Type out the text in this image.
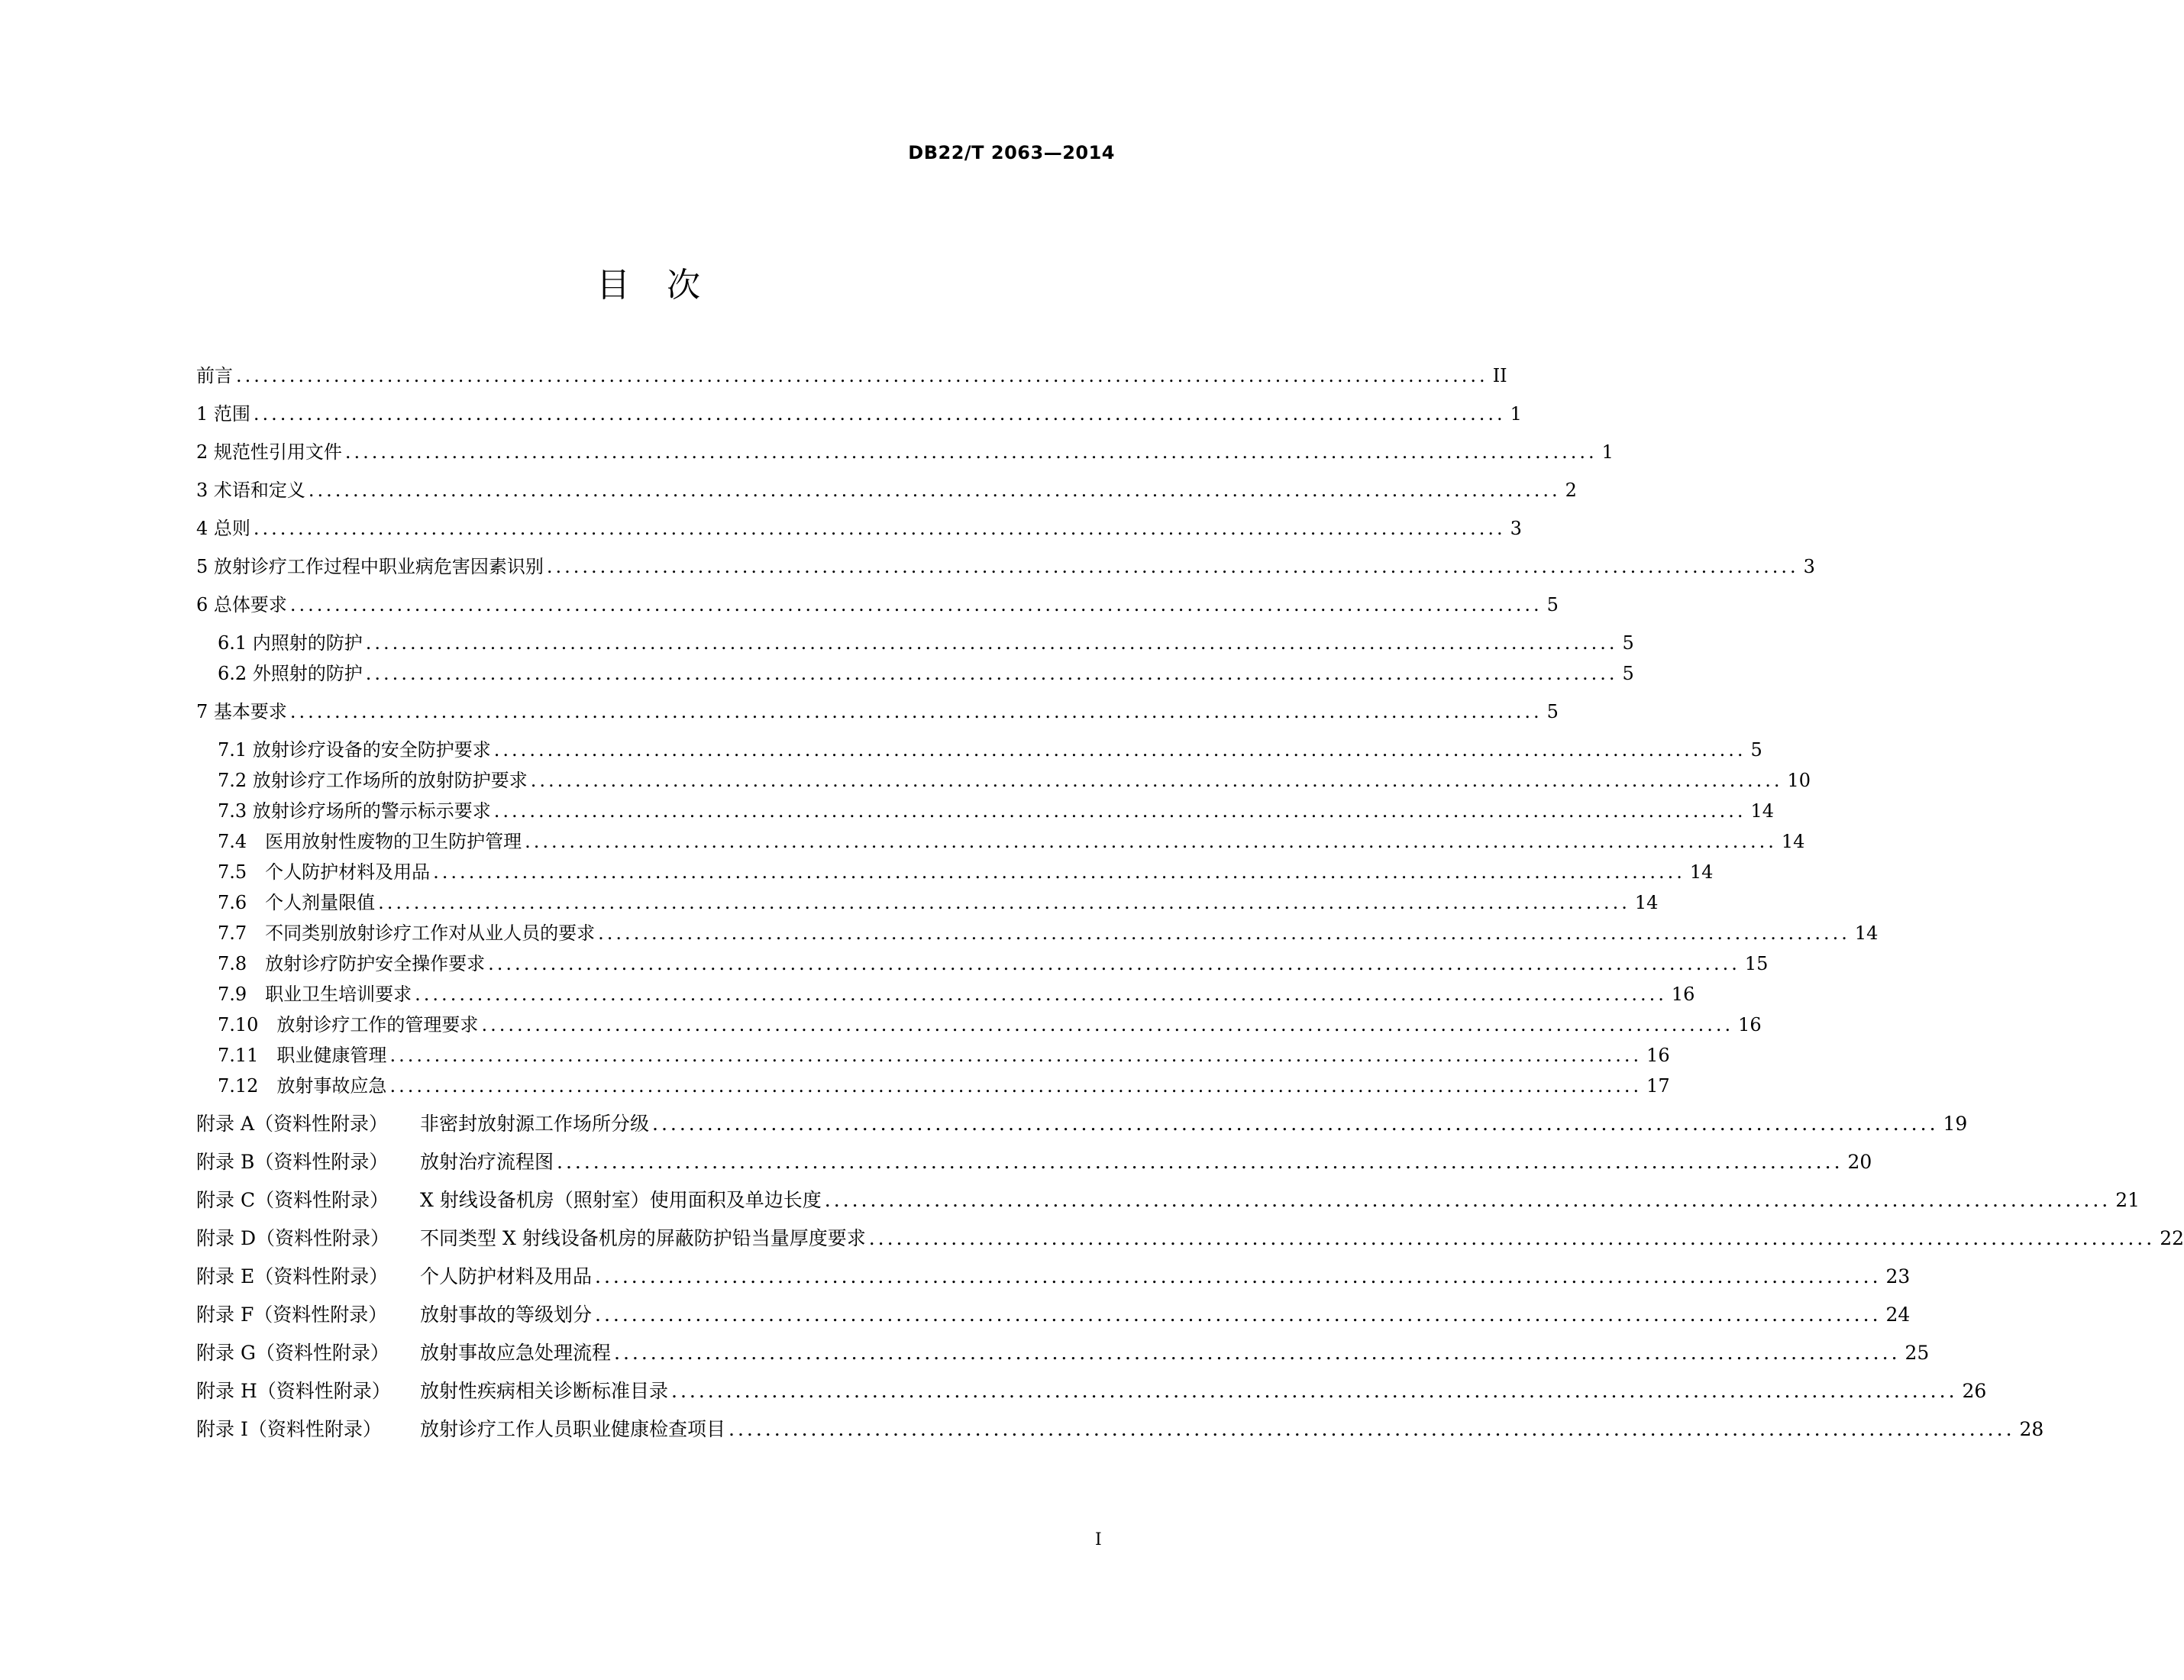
DB22/T 2063—2014
目　次
前言 ............................................................................................................................................. II
1 范围 ............................................................................................................................................. 1
2 规范性引用文件 ............................................................................................................................................. 1
3 术语和定义 ............................................................................................................................................. 2
4 总则 ............................................................................................................................................. 3
5 放射诊疗工作过程中职业病危害因素识别 ............................................................................................................................................. 3
6 总体要求 ............................................................................................................................................. 5
6.1 内照射的防护 ............................................................................................................................................. 5
6.2 外照射的防护 ............................................................................................................................................. 5
7 基本要求 ............................................................................................................................................. 5
7.1 放射诊疗设备的安全防护要求 ............................................................................................................................................. 5
7.2 放射诊疗工作场所的放射防护要求 ............................................................................................................................................. 10
7.3 放射诊疗场所的警示标示要求 ............................................................................................................................................. 14
7.4　医用放射性废物的卫生防护管理 ............................................................................................................................................. 14
7.5　个人防护材料及用品 ............................................................................................................................................. 14
7.6　个人剂量限值 ............................................................................................................................................. 14
7.7　不同类别放射诊疗工作对从业人员的要求 ............................................................................................................................................. 14
7.8　放射诊疗防护安全操作要求 ............................................................................................................................................. 15
7.9　职业卫生培训要求 ............................................................................................................................................. 16
7.10　放射诊疗工作的管理要求 ............................................................................................................................................. 16
7.11　职业健康管理 ............................................................................................................................................. 16
7.12　放射事故应急 ............................................................................................................................................. 17
附录 A（资料性附录） 非密封放射源工作场所分级 ............................................................................................................................................. 19
附录 B（资料性附录） 放射治疗流程图 ............................................................................................................................................. 20
附录 C（资料性附录） X 射线设备机房（照射室）使用面积及单边长度 ............................................................................................................................................. 21
附录 D（资料性附录） 不同类型 X 射线设备机房的屏蔽防护铅当量厚度要求 ............................................................................................................................................. 22
附录 E（资料性附录） 个人防护材料及用品 ............................................................................................................................................. 23
附录 F（资料性附录） 放射事故的等级划分 ............................................................................................................................................. 24
附录 G（资料性附录） 放射事故应急处理流程 ............................................................................................................................................. 25
附录 H（资料性附录） 放射性疾病相关诊断标准目录 ............................................................................................................................................. 26
附录 I（资料性附录） 放射诊疗工作人员职业健康检查项目 ............................................................................................................................................. 28
I
